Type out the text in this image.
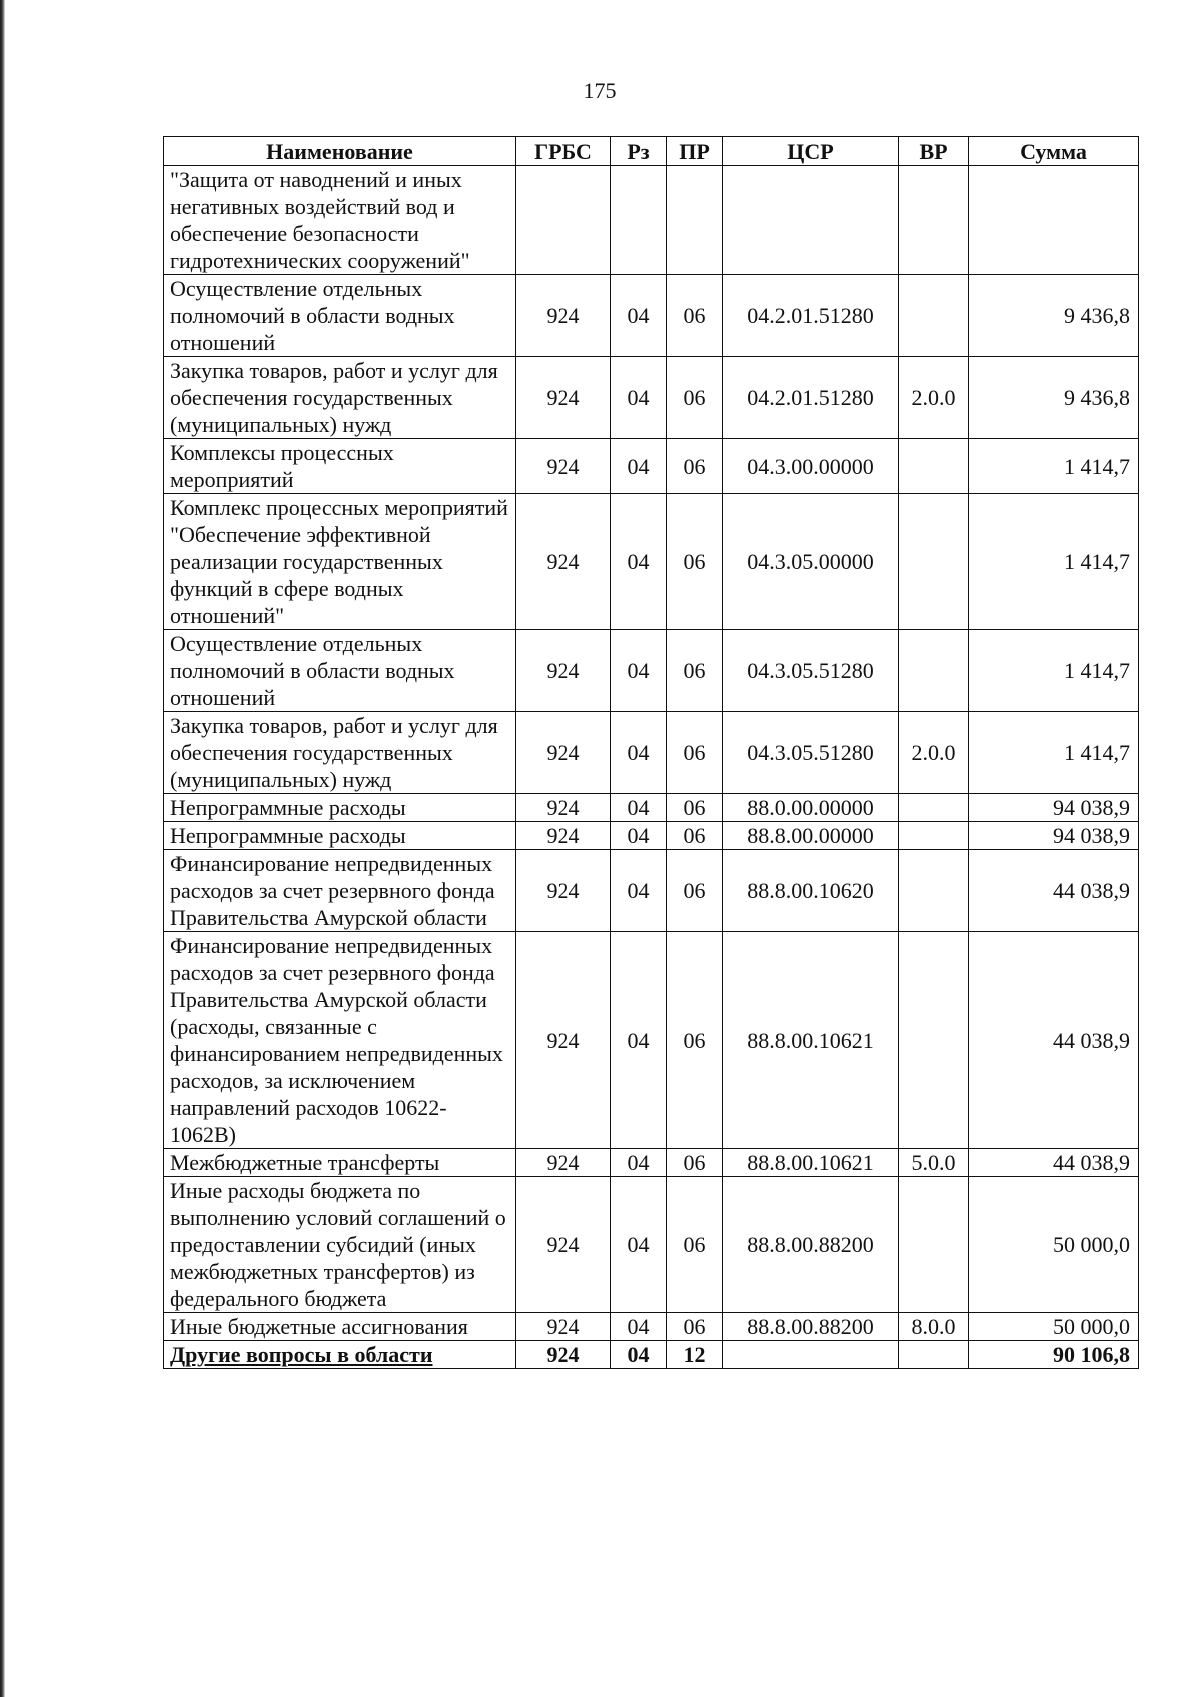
175
Наименование	ГРБС	Рз	ПР	ЦСР	ВР	Сумма
"Защита от наводнений и иных негативных воздействий вод и обеспечение безопасности гидротехнических сооружений"						
Осуществление отдельных полномочий в области водных отношений	924	04	06	04.2.01.51280		9 436,8
Закупка товаров, работ и услуг для обеспечения государственных (муниципальных) нужд	924	04	06	04.2.01.51280	2.0.0	9 436,8
Комплексы процессных мероприятий	924	04	06	04.3.00.00000		1 414,7
Комплекс процессных мероприятий "Обеспечение эффективной реализации государственных функций в сфере водных отношений"	924	04	06	04.3.05.00000		1 414,7
Осуществление отдельных полномочий в области водных отношений	924	04	06	04.3.05.51280		1 414,7
Закупка товаров, работ и услуг для обеспечения государственных (муниципальных) нужд	924	04	06	04.3.05.51280	2.0.0	1 414,7
Непрограммные расходы	924	04	06	88.0.00.00000		94 038,9
Непрограммные расходы	924	04	06	88.8.00.00000		94 038,9
Финансирование непредвиденных расходов за счет резервного фонда Правительства Амурской области	924	04	06	88.8.00.10620		44 038,9
Финансирование непредвиденных расходов за счет резервного фонда Правительства Амурской области (расходы, связанные с финансированием непредвиденных расходов, за исключением направлений расходов 10622-1062В)	924	04	06	88.8.00.10621		44 038,9
Межбюджетные трансферты	924	04	06	88.8.00.10621	5.0.0	44 038,9
Иные расходы бюджета по выполнению условий соглашений о предоставлении субсидий (иных межбюджетных трансфертов) из федерального бюджета	924	04	06	88.8.00.88200		50 000,0
Иные бюджетные ассигнования	924	04	06	88.8.00.88200	8.0.0	50 000,0
Другие вопросы в области	924	04	12			90 106,8
